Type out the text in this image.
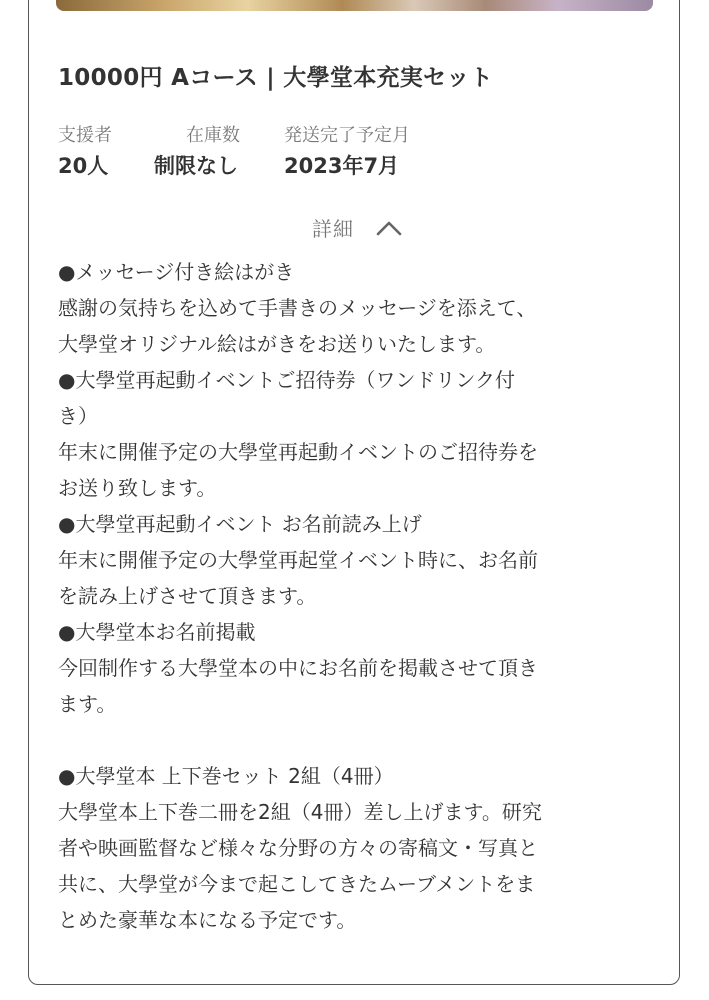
10000円 Aコース | 大學堂本充実セット
支援者
20人
在庫数
制限なし
発送完了予定月
2023年7月
詳細
●メッセージ付き絵はがき
感謝の気持ちを込めて手書きのメッセージを添えて、
大學堂オリジナル絵はがきをお送りいたします。
●大學堂再起動イベントご招待券（ワンドリンク付
き）
年末に開催予定の大學堂再起動イベントのご招待券を
お送り致します。
●大學堂再起動イベント お名前読み上げ
年末に開催予定の大學堂再起堂イベント時に、お名前
を読み上げさせて頂きます。
●大學堂本お名前掲載
今回制作する大學堂本の中にお名前を掲載させて頂き
ます。
●大學堂本 上下巻セット 2組（4冊）
大學堂本上下巻二冊を2組（4冊）差し上げます。研究
者や映画監督など様々な分野の方々の寄稿文・写真と
共に、大學堂が今まで起こしてきたムーブメントをま
とめた豪華な本になる予定です。
